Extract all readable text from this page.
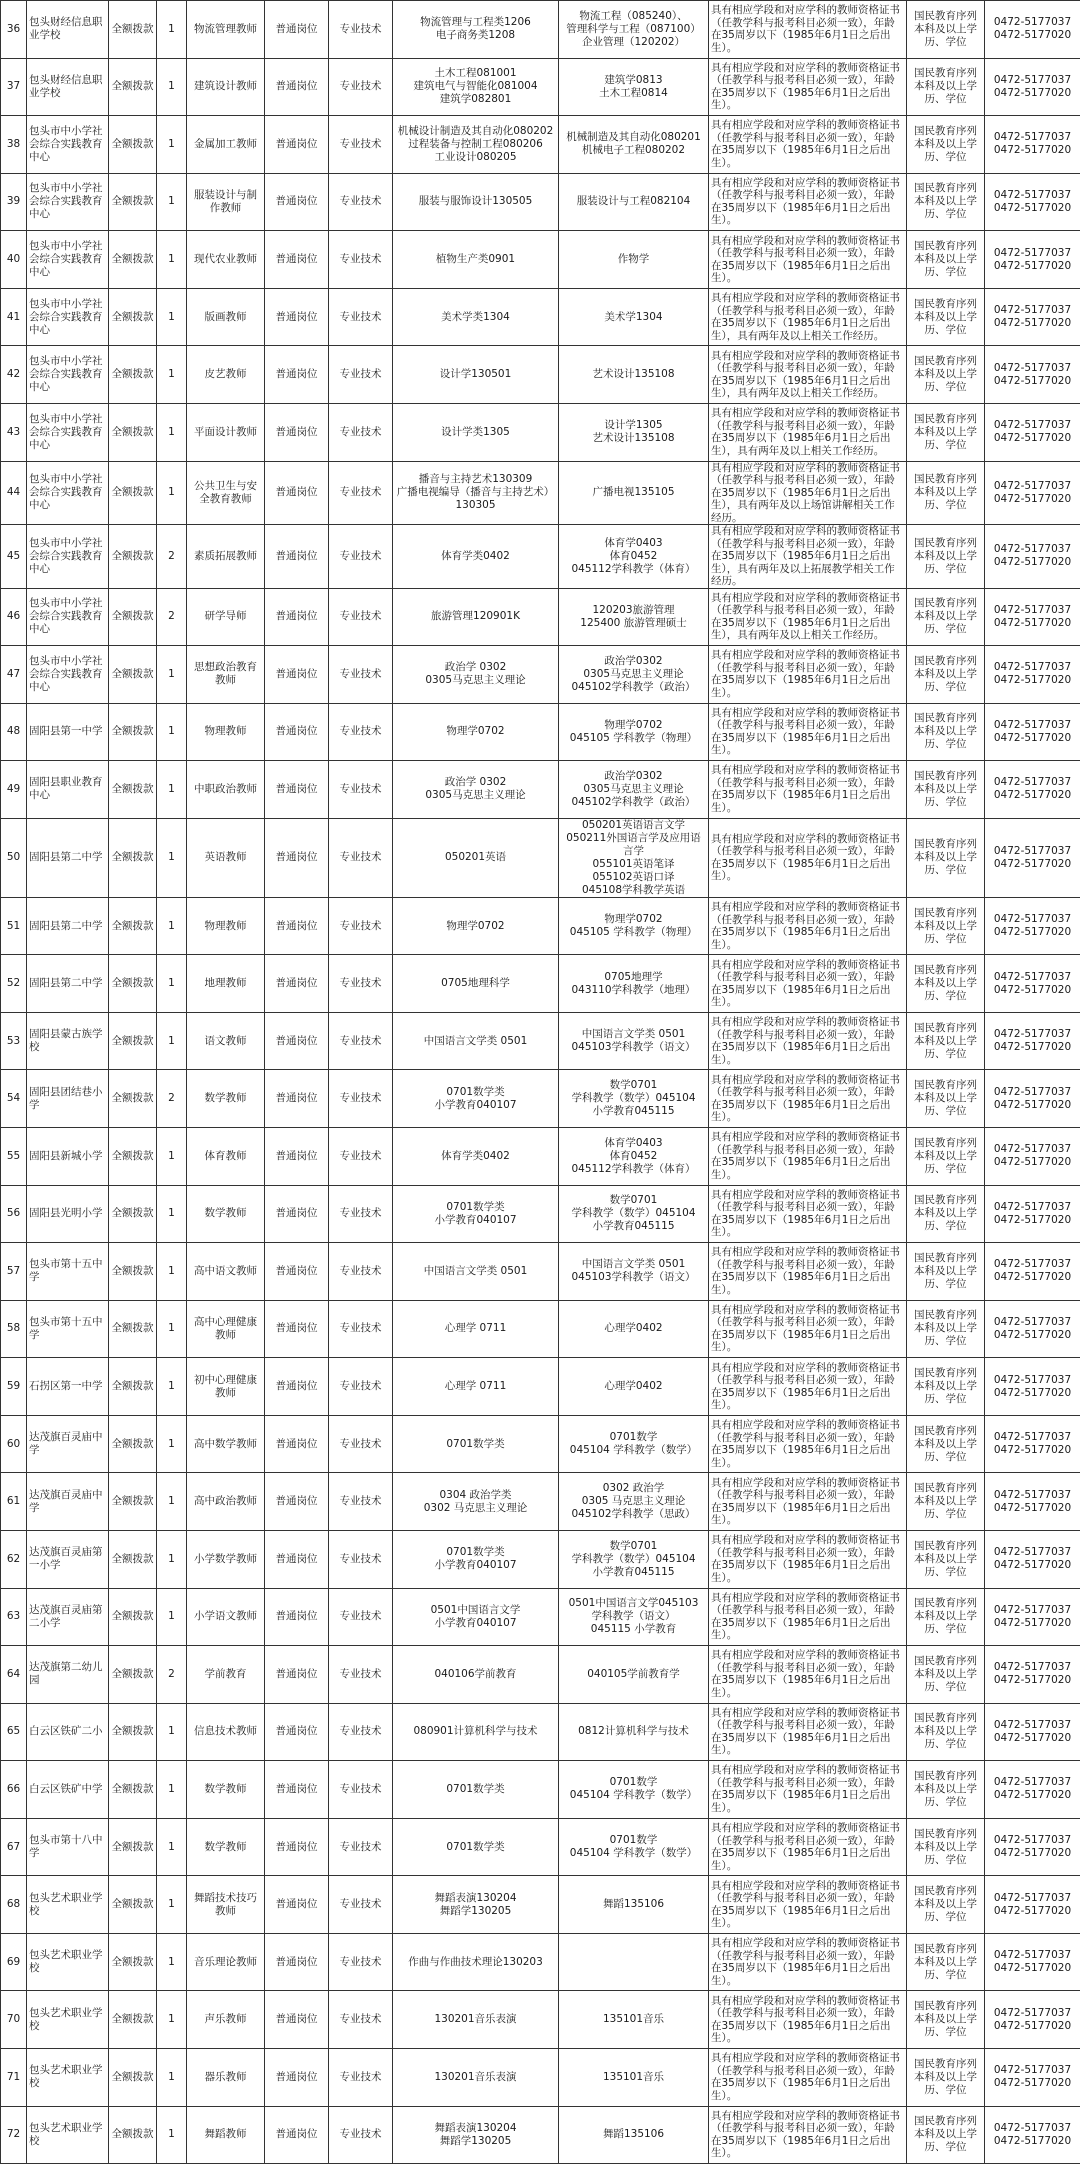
36	包头财经信息职业学校	全额拨款	1	物流管理教师	普通岗位	专业技术	物流管理与工程类1206
电子商务类1208	物流工程（085240）、
管理科学与工程（087100）
企业管理（120202）	具有相应学段和对应学科的教师资格证书（任教学科与报考科目必须一致），年龄在35周岁以下（1985年6月1日之后出生）。	国民教育序列本科及以上学历、学位	0472-5177037
0472-5177020
37	包头财经信息职业学校	全额拨款	1	建筑设计教师	普通岗位	专业技术	土木工程081001
建筑电气与智能化081004
建筑学082801	建筑学0813
土木工程0814	具有相应学段和对应学科的教师资格证书（任教学科与报考科目必须一致），年龄在35周岁以下（1985年6月1日之后出生）。	国民教育序列本科及以上学历、学位	0472-5177037
0472-5177020
38	包头市中小学社会综合实践教育中心	全额拨款	1	金属加工教师	普通岗位	专业技术	机械设计制造及其自动化080202
过程装备与控制工程080206
工业设计080205	机械制造及其自动化080201
机械电子工程080202	具有相应学段和对应学科的教师资格证书（任教学科与报考科目必须一致），年龄在35周岁以下（1985年6月1日之后出生）。	国民教育序列本科及以上学历、学位	0472-5177037
0472-5177020
39	包头市中小学社会综合实践教育中心	全额拨款	1	服装设计与制作教师	普通岗位	专业技术	服装与服饰设计130505	服装设计与工程082104	具有相应学段和对应学科的教师资格证书（任教学科与报考科目必须一致），年龄在35周岁以下（1985年6月1日之后出生）。	国民教育序列本科及以上学历、学位	0472-5177037
0472-5177020
40	包头市中小学社会综合实践教育中心	全额拨款	1	现代农业教师	普通岗位	专业技术	植物生产类0901	作物学	具有相应学段和对应学科的教师资格证书（任教学科与报考科目必须一致），年龄在35周岁以下（1985年6月1日之后出生）。	国民教育序列本科及以上学历、学位	0472-5177037
0472-5177020
41	包头市中小学社会综合实践教育中心	全额拨款	1	版画教师	普通岗位	专业技术	美术学类1304	美术学1304	具有相应学段和对应学科的教师资格证书（任教学科与报考科目必须一致），年龄在35周岁以下（1985年6月1日之后出生），具有两年及以上相关工作经历。	国民教育序列本科及以上学历、学位	0472-5177037
0472-5177020
42	包头市中小学社会综合实践教育中心	全额拨款	1	皮艺教师	普通岗位	专业技术	设计学130501	艺术设计135108	具有相应学段和对应学科的教师资格证书（任教学科与报考科目必须一致），年龄在35周岁以下（1985年6月1日之后出生），具有两年及以上相关工作经历。	国民教育序列本科及以上学历、学位	0472-5177037
0472-5177020
43	包头市中小学社会综合实践教育中心	全额拨款	1	平面设计教师	普通岗位	专业技术	设计学类1305	设计学1305
艺术设计135108	具有相应学段和对应学科的教师资格证书（任教学科与报考科目必须一致），年龄在35周岁以下（1985年6月1日之后出生），具有两年及以上相关工作经历。	国民教育序列本科及以上学历、学位	0472-5177037
0472-5177020
44	包头市中小学社会综合实践教育中心	全额拨款	1	公共卫生与安全教育教师	普通岗位	专业技术	播音与主持艺术130309
广播电视编导（播音与主持艺术）130305	广播电视135105	具有相应学段和对应学科的教师资格证书（任教学科与报考科目必须一致），年龄在35周岁以下（1985年6月1日之后出生），具有两年及以上场馆讲解相关工作经历。	国民教育序列本科及以上学历、学位	0472-5177037
0472-5177020
45	包头市中小学社会综合实践教育中心	全额拨款	2	素质拓展教师	普通岗位	专业技术	体育学类0402	体育学0403
体育0452
045112学科教学（体育）	具有相应学段和对应学科的教师资格证书（任教学科与报考科目必须一致），年龄在35周岁以下（1985年6月1日之后出生），具有两年及以上拓展教学相关工作经历。	国民教育序列本科及以上学历、学位	0472-5177037
0472-5177020
46	包头市中小学社会综合实践教育中心	全额拨款	2	研学导师	普通岗位	专业技术	旅游管理120901K	120203旅游管理
125400 旅游管理硕士	具有相应学段和对应学科的教师资格证书（任教学科与报考科目必须一致），年龄在35周岁以下（1985年6月1日之后出生），具有两年及以上相关工作经历。	国民教育序列本科及以上学历、学位	0472-5177037
0472-5177020
47	包头市中小学社会综合实践教育中心	全额拨款	1	思想政治教育教师	普通岗位	专业技术	政治学 0302
0305马克思主义理论	政治学0302
0305马克思主义理论
045102学科教学（政治）	具有相应学段和对应学科的教师资格证书（任教学科与报考科目必须一致），年龄在35周岁以下（1985年6月1日之后出生）。	国民教育序列本科及以上学历、学位	0472-5177037
0472-5177020
48	固阳县第一中学	全额拨款	1	物理教师	普通岗位	专业技术	物理学0702	物理学0702
045105 学科教学（物理）	具有相应学段和对应学科的教师资格证书（任教学科与报考科目必须一致），年龄在35周岁以下（1985年6月1日之后出生）。	国民教育序列本科及以上学历、学位	0472-5177037
0472-5177020
49	固阳县职业教育中心	全额拨款	1	中职政治教师	普通岗位	专业技术	政治学 0302
0305马克思主义理论	政治学0302
0305马克思主义理论
045102学科教学（政治）	具有相应学段和对应学科的教师资格证书（任教学科与报考科目必须一致），年龄在35周岁以下（1985年6月1日之后出生）。	国民教育序列本科及以上学历、学位	0472-5177037
0472-5177020
50	固阳县第二中学	全额拨款	1	英语教师	普通岗位	专业技术	050201英语	050201英语语言文学
050211外国语言学及应用语言学
055101英语笔译
055102英语口译
045108学科教学英语	具有相应学段和对应学科的教师资格证书（任教学科与报考科目必须一致），年龄在35周岁以下（1985年6月1日之后出生）。	国民教育序列本科及以上学历、学位	0472-5177037
0472-5177020
51	固阳县第二中学	全额拨款	1	物理教师	普通岗位	专业技术	物理学0702	物理学0702
045105 学科教学（物理）	具有相应学段和对应学科的教师资格证书（任教学科与报考科目必须一致），年龄在35周岁以下（1985年6月1日之后出生）。	国民教育序列本科及以上学历、学位	0472-5177037
0472-5177020
52	固阳县第二中学	全额拨款	1	地理教师	普通岗位	专业技术	0705地理科学	0705地理学
043110学科教学（地理）	具有相应学段和对应学科的教师资格证书（任教学科与报考科目必须一致），年龄在35周岁以下（1985年6月1日之后出生）。	国民教育序列本科及以上学历、学位	0472-5177037
0472-5177020
53	固阳县蒙古族学校	全额拨款	1	语文教师	普通岗位	专业技术	中国语言文学类 0501	中国语言文学类 0501
045103学科教学（语文）	具有相应学段和对应学科的教师资格证书（任教学科与报考科目必须一致），年龄在35周岁以下（1985年6月1日之后出生）。	国民教育序列本科及以上学历、学位	0472-5177037
0472-5177020
54	固阳县团结巷小学	全额拨款	2	数学教师	普通岗位	专业技术	0701数学类
小学教育040107	数学0701
学科教学（数学）045104
小学教育045115	具有相应学段和对应学科的教师资格证书（任教学科与报考科目必须一致），年龄在35周岁以下（1985年6月1日之后出生）。	国民教育序列本科及以上学历、学位	0472-5177037
0472-5177020
55	固阳县新城小学	全额拨款	1	体育教师	普通岗位	专业技术	体育学类0402	体育学0403
体育0452
045112学科教学（体育）	具有相应学段和对应学科的教师资格证书（任教学科与报考科目必须一致），年龄在35周岁以下（1985年6月1日之后出生）。	国民教育序列本科及以上学历、学位	0472-5177037
0472-5177020
56	固阳县光明小学	全额拨款	1	数学教师	普通岗位	专业技术	0701数学类
小学教育040107	数学0701
学科教学（数学）045104
小学教育045115	具有相应学段和对应学科的教师资格证书（任教学科与报考科目必须一致），年龄在35周岁以下（1985年6月1日之后出生）。	国民教育序列本科及以上学历、学位	0472-5177037
0472-5177020
57	包头市第十五中学	全额拨款	1	高中语文教师	普通岗位	专业技术	中国语言文学类 0501	中国语言文学类 0501
045103学科教学（语文）	具有相应学段和对应学科的教师资格证书（任教学科与报考科目必须一致），年龄在35周岁以下（1985年6月1日之后出生）。	国民教育序列本科及以上学历、学位	0472-5177037
0472-5177020
58	包头市第十五中学	全额拨款	1	高中心理健康教师	普通岗位	专业技术	心理学 0711	心理学0402	具有相应学段和对应学科的教师资格证书（任教学科与报考科目必须一致），年龄在35周岁以下（1985年6月1日之后出生）。	国民教育序列本科及以上学历、学位	0472-5177037
0472-5177020
59	石拐区第一中学	全额拨款	1	初中心理健康教师	普通岗位	专业技术	心理学 0711	心理学0402	具有相应学段和对应学科的教师资格证书（任教学科与报考科目必须一致），年龄在35周岁以下（1985年6月1日之后出生）。	国民教育序列本科及以上学历、学位	0472-5177037
0472-5177020
60	达茂旗百灵庙中学	全额拨款	1	高中数学教师	普通岗位	专业技术	0701数学类	0701数学
045104 学科教学（数学）	具有相应学段和对应学科的教师资格证书（任教学科与报考科目必须一致），年龄在35周岁以下（1985年6月1日之后出生）。	国民教育序列本科及以上学历、学位	0472-5177037
0472-5177020
61	达茂旗百灵庙中学	全额拨款	1	高中政治教师	普通岗位	专业技术	0304 政治学类
0302 马克思主义理论	0302 政治学
0305 马克思主义理论
045102学科教学（思政）	具有相应学段和对应学科的教师资格证书（任教学科与报考科目必须一致），年龄在35周岁以下（1985年6月1日之后出生）。	国民教育序列本科及以上学历、学位	0472-5177037
0472-5177020
62	达茂旗百灵庙第一小学	全额拨款	1	小学数学教师	普通岗位	专业技术	0701数学类
小学教育040107	数学0701
学科教学（数学）045104
小学教育045115	具有相应学段和对应学科的教师资格证书（任教学科与报考科目必须一致），年龄在35周岁以下（1985年6月1日之后出生）。	国民教育序列本科及以上学历、学位	0472-5177037
0472-5177020
63	达茂旗百灵庙第二小学	全额拨款	1	小学语文教师	普通岗位	专业技术	0501中国语言文学
小学教育040107	0501中国语言文学045103
学科教学（语文）
045115 小学教育	具有相应学段和对应学科的教师资格证书（任教学科与报考科目必须一致），年龄在35周岁以下（1985年6月1日之后出生）。	国民教育序列本科及以上学历、学位	0472-5177037
0472-5177020
64	达茂旗第二幼儿园	全额拨款	2	学前教育	普通岗位	专业技术	040106学前教育	040105学前教育学	具有相应学段和对应学科的教师资格证书（任教学科与报考科目必须一致），年龄在35周岁以下（1985年6月1日之后出生）。	国民教育序列本科及以上学历、学位	0472-5177037
0472-5177020
65	白云区铁矿二小	全额拨款	1	信息技术教师	普通岗位	专业技术	080901计算机科学与技术	0812计算机科学与技术	具有相应学段和对应学科的教师资格证书（任教学科与报考科目必须一致），年龄在35周岁以下（1985年6月1日之后出生）。	国民教育序列本科及以上学历、学位	0472-5177037
0472-5177020
66	白云区铁矿中学	全额拨款	1	数学教师	普通岗位	专业技术	0701数学类	0701数学
045104 学科教学（数学）	具有相应学段和对应学科的教师资格证书（任教学科与报考科目必须一致），年龄在35周岁以下（1985年6月1日之后出生）。	国民教育序列本科及以上学历、学位	0472-5177037
0472-5177020
67	包头市第十八中学	全额拨款	1	数学教师	普通岗位	专业技术	0701数学类	0701数学
045104 学科教学（数学）	具有相应学段和对应学科的教师资格证书（任教学科与报考科目必须一致），年龄在35周岁以下（1985年6月1日之后出生）。	国民教育序列本科及以上学历、学位	0472-5177037
0472-5177020
68	包头艺术职业学校	全额拨款	1	舞蹈技术技巧教师	普通岗位	专业技术	舞蹈表演130204
舞蹈学130205	舞蹈135106	具有相应学段和对应学科的教师资格证书（任教学科与报考科目必须一致），年龄在35周岁以下（1985年6月1日之后出生）。	国民教育序列本科及以上学历、学位	0472-5177037
0472-5177020
69	包头艺术职业学校	全额拨款	1	音乐理论教师	普通岗位	专业技术	作曲与作曲技术理论130203		具有相应学段和对应学科的教师资格证书（任教学科与报考科目必须一致），年龄在35周岁以下（1985年6月1日之后出生）。	国民教育序列本科及以上学历、学位	0472-5177037
0472-5177020
70	包头艺术职业学校	全额拨款	1	声乐教师	普通岗位	专业技术	130201音乐表演	135101音乐	具有相应学段和对应学科的教师资格证书（任教学科与报考科目必须一致），年龄在35周岁以下（1985年6月1日之后出生）。	国民教育序列本科及以上学历、学位	0472-5177037
0472-5177020
71	包头艺术职业学校	全额拨款	1	器乐教师	普通岗位	专业技术	130201音乐表演	135101音乐	具有相应学段和对应学科的教师资格证书（任教学科与报考科目必须一致），年龄在35周岁以下（1985年6月1日之后出生）。	国民教育序列本科及以上学历、学位	0472-5177037
0472-5177020
72	包头艺术职业学校	全额拨款	1	舞蹈教师	普通岗位	专业技术	舞蹈表演130204
舞蹈学130205	舞蹈135106	具有相应学段和对应学科的教师资格证书（任教学科与报考科目必须一致），年龄在35周岁以下（1985年6月1日之后出生）。	国民教育序列本科及以上学历、学位	0472-5177037
0472-5177020
